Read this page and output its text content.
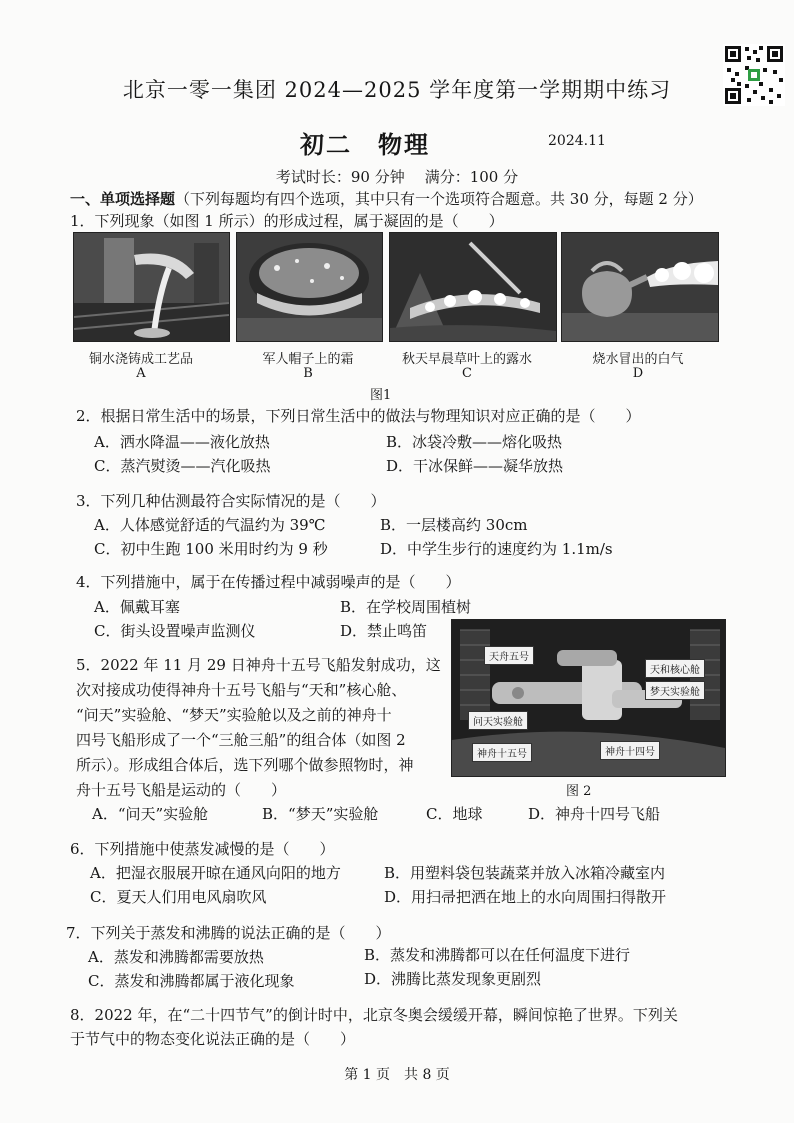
北京一零一集团 2024—2025 学年度第一学期期中练习
初二 物理	2024.11
考试时长：90 分钟 满分：100 分
一、单项选择题（下列每题均有四个选项，其中只有一个选项符合题意。共 30 分，每题 2 分）
1．下列现象（如图 1 所示）的形成过程，属于凝固的是（　　）
铜水浇铸成工艺品
A
军人帽子上的霜
B
秋天早晨草叶上的露水
C
烧水冒出的白气
D
图1
2．根据日常生活中的场景，下列日常生活中的做法与物理知识对应正确的是（　　）
A．洒水降温——液化放热	B．冰袋冷敷——熔化吸热
C．蒸汽熨烫——汽化吸热	D．干冰保鲜——凝华放热
3．下列几种估测最符合实际情况的是（　　）
A．人体感觉舒适的气温约为 39℃	B．一层楼高约 30cm
C．初中生跑 100 米用时约为 9 秒	D．中学生步行的速度约为 1.1m/s
4．下列措施中，属于在传播过程中减弱噪声的是（　　）
A．佩戴耳塞	B．在学校周围植树
C．街头设置噪声监测仪	D．禁止鸣笛
5．2022 年 11 月 29 日神舟十五号飞船发射成功，这
次对接成功使得神舟十五号飞船与“天和”核心舱、
“问天”实验舱、“梦天”实验舱以及之前的神舟十
四号飞船形成了一个“三舱三船”的组合体（如图 2
所示）。形成组合体后，选下列哪个做参照物时，神
舟十五号飞船是运动的（　　）
天舟五号
天和核心舱
梦天实验舱
问天实验舱
神舟十五号	神舟十四号
图 2
A．“问天”实验舱	B．“梦天”实验舱	C．地球	D．神舟十四号飞船
6．下列措施中使蒸发减慢的是（　　）
A．把湿衣服展开晾在通风向阳的地方	B．用塑料袋包装蔬菜并放入冰箱冷藏室内
C．夏天人们用电风扇吹风	D．用扫帚把洒在地上的水向周围扫得散开
7．下列关于蒸发和沸腾的说法正确的是（　　）
A．蒸发和沸腾都需要放热	B．蒸发和沸腾都可以在任何温度下进行
C．蒸发和沸腾都属于液化现象	D．沸腾比蒸发现象更剧烈
8．2022 年，在“二十四节气”的倒计时中，北京冬奥会缓缓开幕，瞬间惊艳了世界。下列关
于节气中的物态变化说法正确的是（　　）
第 1 页　共 8 页
